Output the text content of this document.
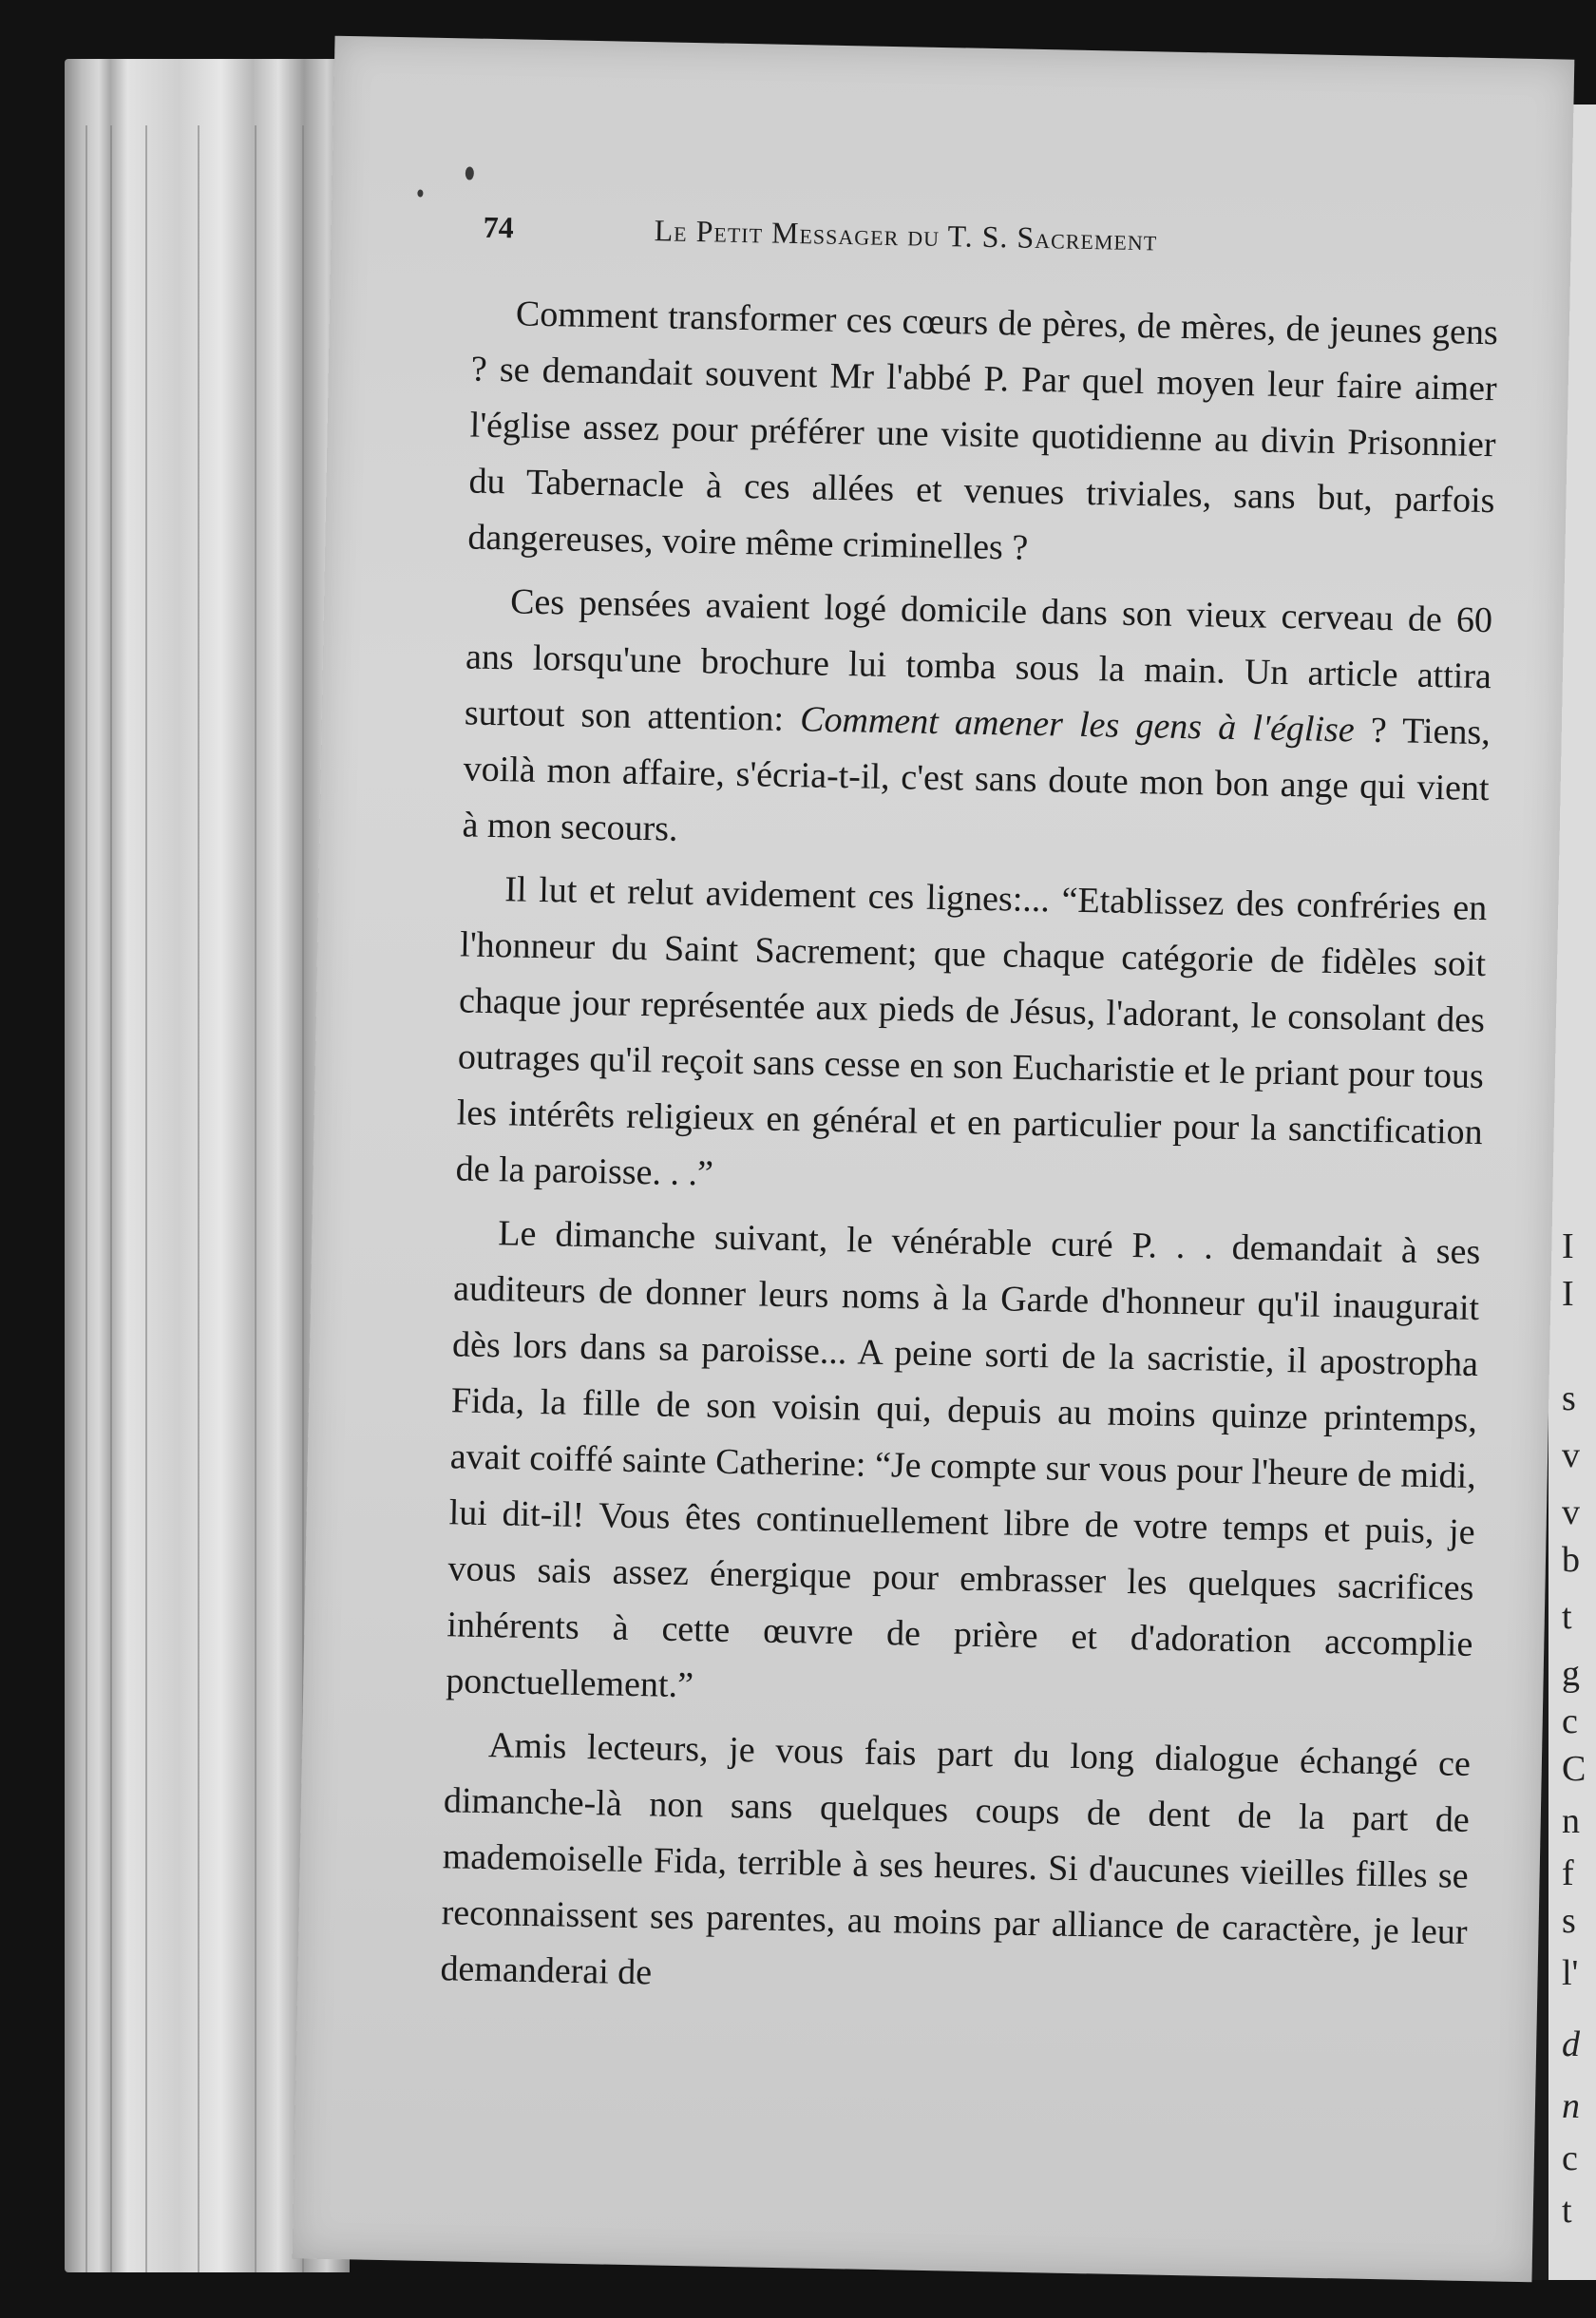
I
I
s
v
v
b
t
g
c
C
n
f
s
l'
d
n
c
t
74	Le Petit Messager du T. S. Sacrement

Comment transformer ces cœurs de pères, de mères, de jeunes gens ? se demandait souvent Mr l'abbé P. Par quel moyen leur faire aimer l'église assez pour préférer une visite quotidienne au divin Prisonnier du Tabernacle à ces allées et venues triviales, sans but, parfois dangereuses, voire même criminelles ?

Ces pensées avaient logé domicile dans son vieux cerveau de 60 ans lorsqu'une brochure lui tomba sous la main. Un article attira surtout son attention: Comment amener les gens à l'église ? Tiens, voilà mon affaire, s'écria-t-il, c'est sans doute mon bon ange qui vient à mon secours.

Il lut et relut avidement ces lignes:... “Etablissez des confréries en l'honneur du Saint Sacrement; que chaque catégorie de fidèles soit chaque jour représentée aux pieds de Jésus, l'adorant, le consolant des outrages qu'il reçoit sans cesse en son Eucharistie et le priant pour tous les intérêts religieux en général et en particulier pour la sanctification de la paroisse. . .”

Le dimanche suivant, le vénérable curé P. . . demandait à ses auditeurs de donner leurs noms à la Garde d'honneur qu'il inaugurait dès lors dans sa paroisse... A peine sorti de la sacristie, il apostropha Fida, la fille de son voisin qui, depuis au moins quinze printemps, avait coiffé sainte Catherine: “Je compte sur vous pour l'heure de midi, lui dit-il! Vous êtes continuellement libre de votre temps et puis, je vous sais assez énergique pour embrasser les quelques sacrifices inhérents à cette œuvre de prière et d'adoration accomplie ponctuellement.”

Amis lecteurs, je vous fais part du long dialogue échangé ce dimanche-là non sans quelques coups de dent de la part de mademoiselle Fida, terrible à ses heures. Si d'aucunes vieilles filles se reconnaissent ses parentes, au moins par alliance de caractère, je leur demanderai de
